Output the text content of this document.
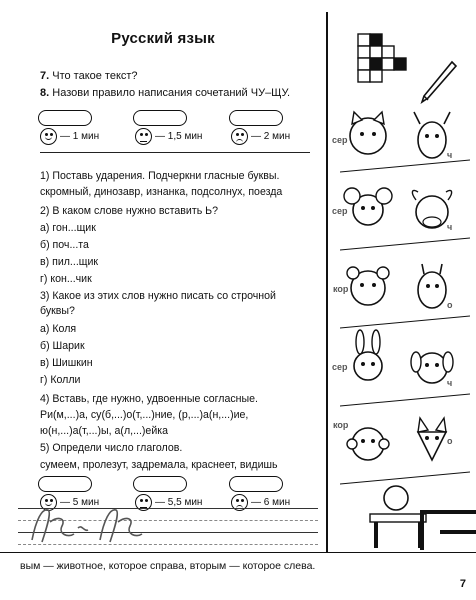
Русский язык
7. Что такое текст?
8. Назови правило написания сочетаний ЧУ–ЩУ.
— 1 мин	— 1,5 мин	— 2 мин
1) Поставь ударения. Подчеркни гласные буквы.
скромный, динозавр, изнанка, подсолнух, поезда
2) В каком слове нужно вставить Ь?
а) гон...щик
б) поч...та
в) пил...щик
г) кон...чик
3) Какое из этих слов нужно писать со строчной
буквы?
а) Коля
б) Шарик
в) Шишкин
г) Колли
4) Вставь, где нужно, удвоенные согласные.
Ри(м,...)а, су(б,...)о(т,...)ние, (р,...)а(н,...)ие,
ю(н,...)а(т,...)ы, а(л,...)ейка
5) Определи число глаголов.
сумеем, пролезут, задремала, краснеет, видишь
— 5 мин	— 5,5 мин	— 6 мин
сер
ч
сер
ч
кор
о
сер
ч
кор
о
вым — животное, которое справа, вторым — которое слева.
7
